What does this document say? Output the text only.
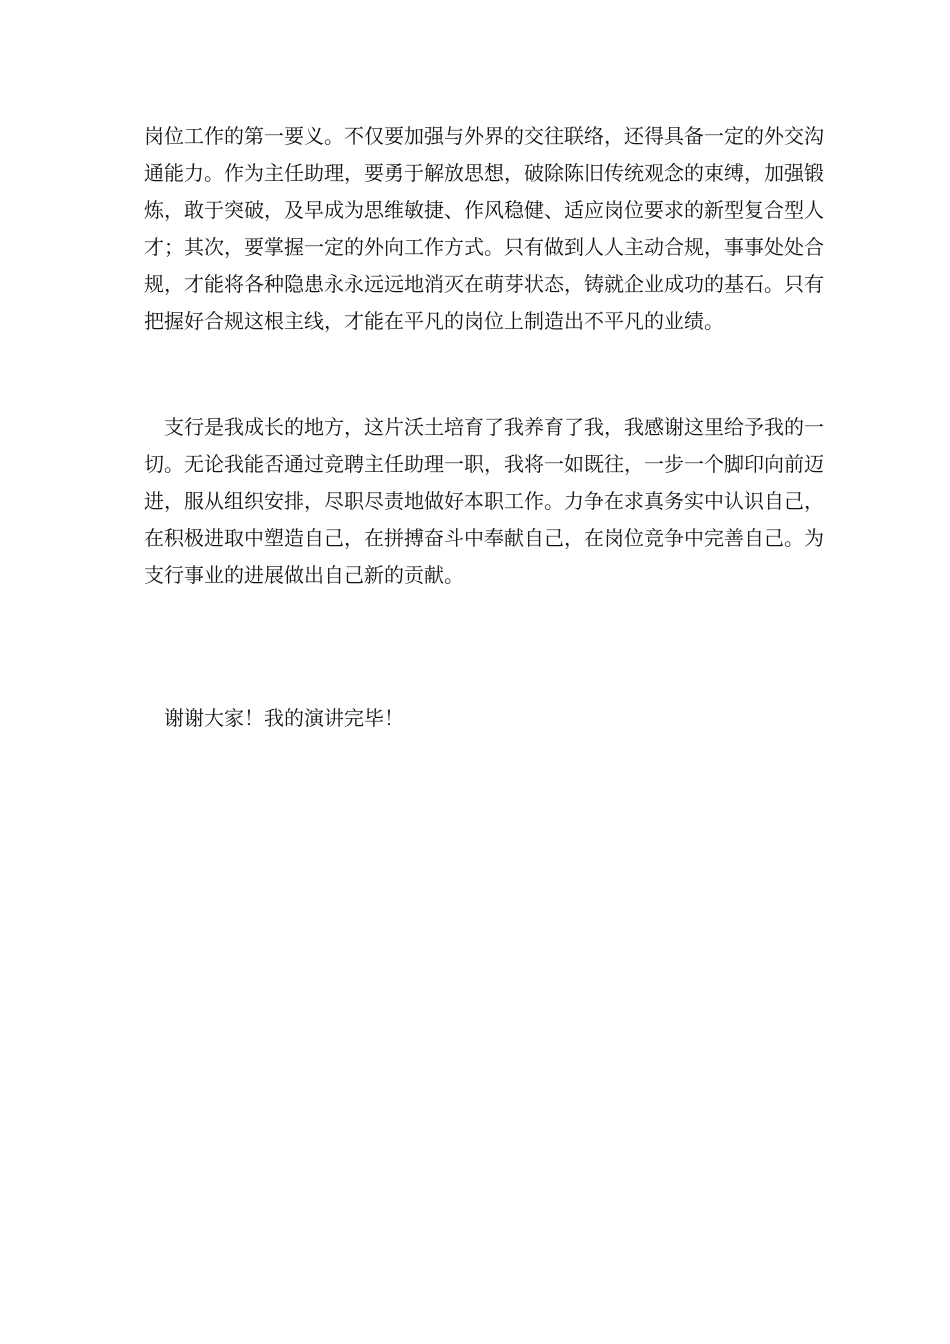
岗位工作的第一要义。不仅要加强与外界的交往联络，还得具备一定的外交沟
通能力。作为主任助理，要勇于解放思想，破除陈旧传统观念的束缚，加强锻
炼，敢于突破，及早成为思维敏捷、作风稳健、适应岗位要求的新型复合型人
才；其次，要掌握一定的外向工作方式。只有做到人人主动合规，事事处处合
规，才能将各种隐患永永远远地消灭在萌芽状态，铸就企业成功的基石。只有
把握好合规这根主线，才能在平凡的岗位上制造出不平凡的业绩。
支行是我成长的地方，这片沃土培育了我养育了我，我感谢这里给予我的一
切。无论我能否通过竞聘主任助理一职，我将一如既往，一步一个脚印向前迈
进，服从组织安排，尽职尽责地做好本职工作。力争在求真务实中认识自己，
在积极进取中塑造自己，在拼搏奋斗中奉献自己，在岗位竞争中完善自己。为
支行事业的进展做出自己新的贡献。
谢谢大家！我的演讲完毕！
